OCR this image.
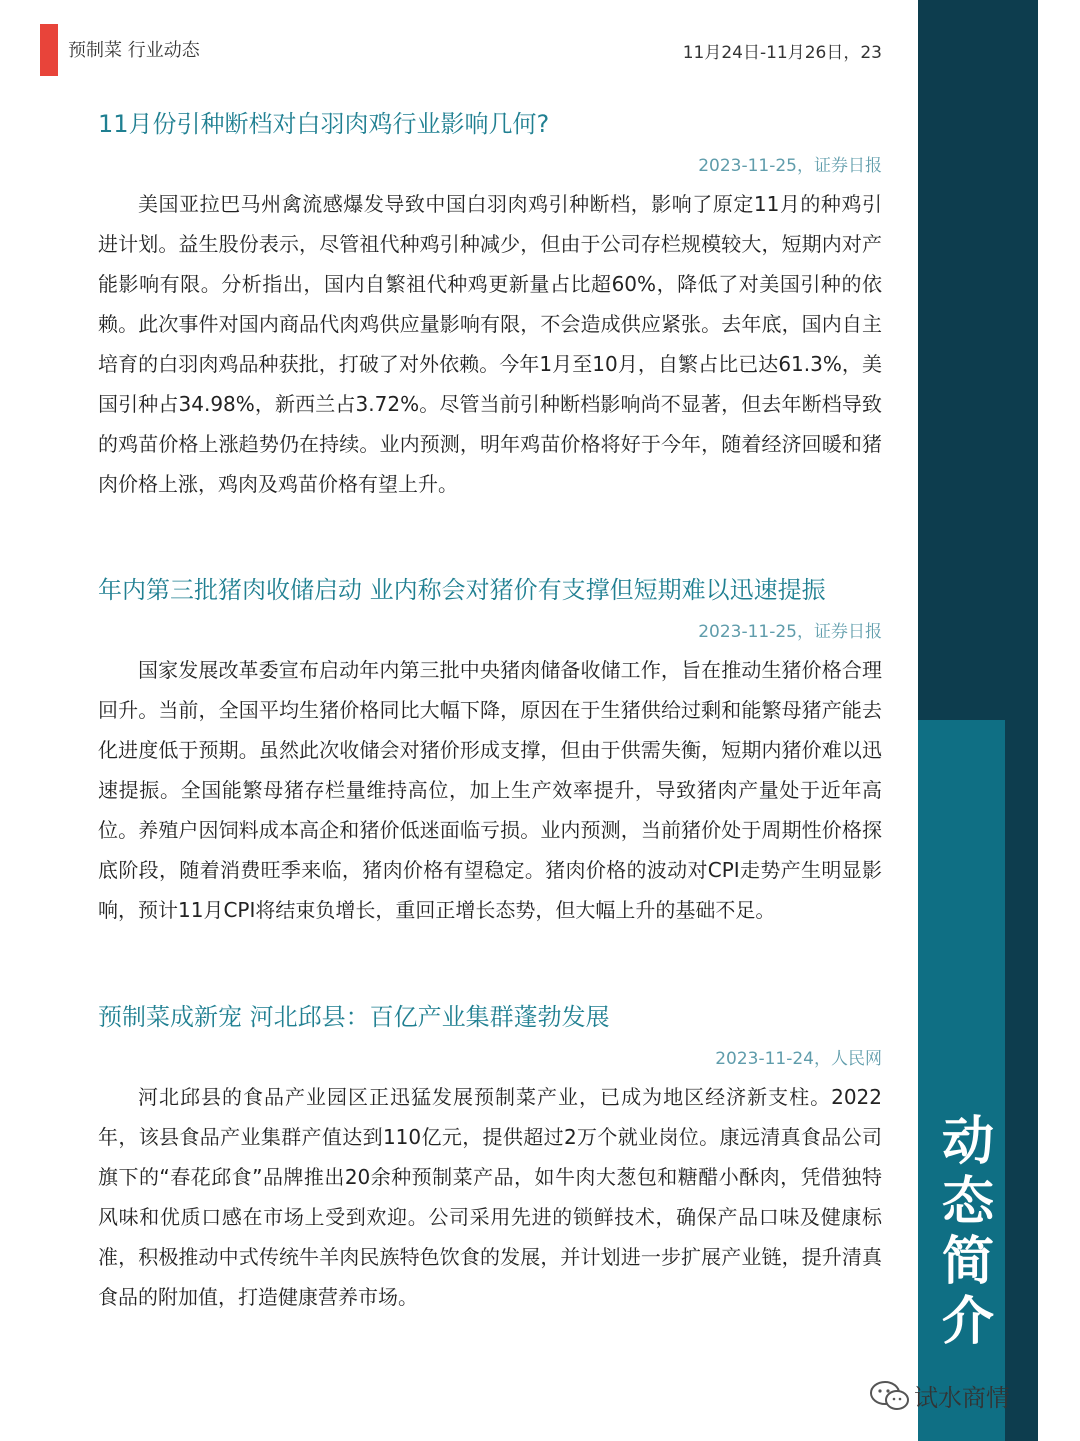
预制菜 行业动态	11月24日-11月26日，23
动
态
简
介
11月份引种断档对白羽肉鸡行业影响几何?
2023-11-25，证券日报

美国亚拉巴马州禽流感爆发导致中国白羽肉鸡引种断档，影响了原定11月的种鸡引进计划。益生股份表示，尽管祖代种鸡引种减少，但由于公司存栏规模较大，短期内对产能影响有限。分析指出，国内自繁祖代种鸡更新量占比超60%，降低了对美国引种的依赖。此次事件对国内商品代肉鸡供应量影响有限，不会造成供应紧张。去年底，国内自主培育的白羽肉鸡品种获批，打破了对外依赖。今年1月至10月，自繁占比已达61.3%，美国引种占34.98%，新西兰占3.72%。尽管当前引种断档影响尚不显著，但去年断档导致的鸡苗价格上涨趋势仍在持续。业内预测，明年鸡苗价格将好于今年，随着经济回暖和猪肉价格上涨，鸡肉及鸡苗价格有望上升。

年内第三批猪肉收储启动 业内称会对猪价有支撑但短期难以迅速提振
2023-11-25，证券日报

国家发展改革委宣布启动年内第三批中央猪肉储备收储工作，旨在推动生猪价格合理回升。当前，全国平均生猪价格同比大幅下降，原因在于生猪供给过剩和能繁母猪产能去化进度低于预期。虽然此次收储会对猪价形成支撑，但由于供需失衡，短期内猪价难以迅速提振。全国能繁母猪存栏量维持高位，加上生产效率提升，导致猪肉产量处于近年高位。养殖户因饲料成本高企和猪价低迷面临亏损。业内预测，当前猪价处于周期性价格探底阶段，随着消费旺季来临，猪肉价格有望稳定。猪肉价格的波动对CPI走势产生明显影响，预计11月CPI将结束负增长，重回正增长态势，但大幅上升的基础不足。

预制菜成新宠 河北邱县：百亿产业集群蓬勃发展
2023-11-24，人民网

河北邱县的食品产业园区正迅猛发展预制菜产业，已成为地区经济新支柱。2022年，该县食品产业集群产值达到110亿元，提供超过2万个就业岗位。康远清真食品公司旗下的“春花邱食”品牌推出20余种预制菜产品，如牛肉大葱包和糖醋小酥肉，凭借独特风味和优质口感在市场上受到欢迎。公司采用先进的锁鲜技术，确保产品口味及健康标准，积极推动中式传统牛羊肉民族特色饮食的发展，并计划进一步扩展产业链，提升清真食品的附加值，打造健康营养市场。

试水商情
